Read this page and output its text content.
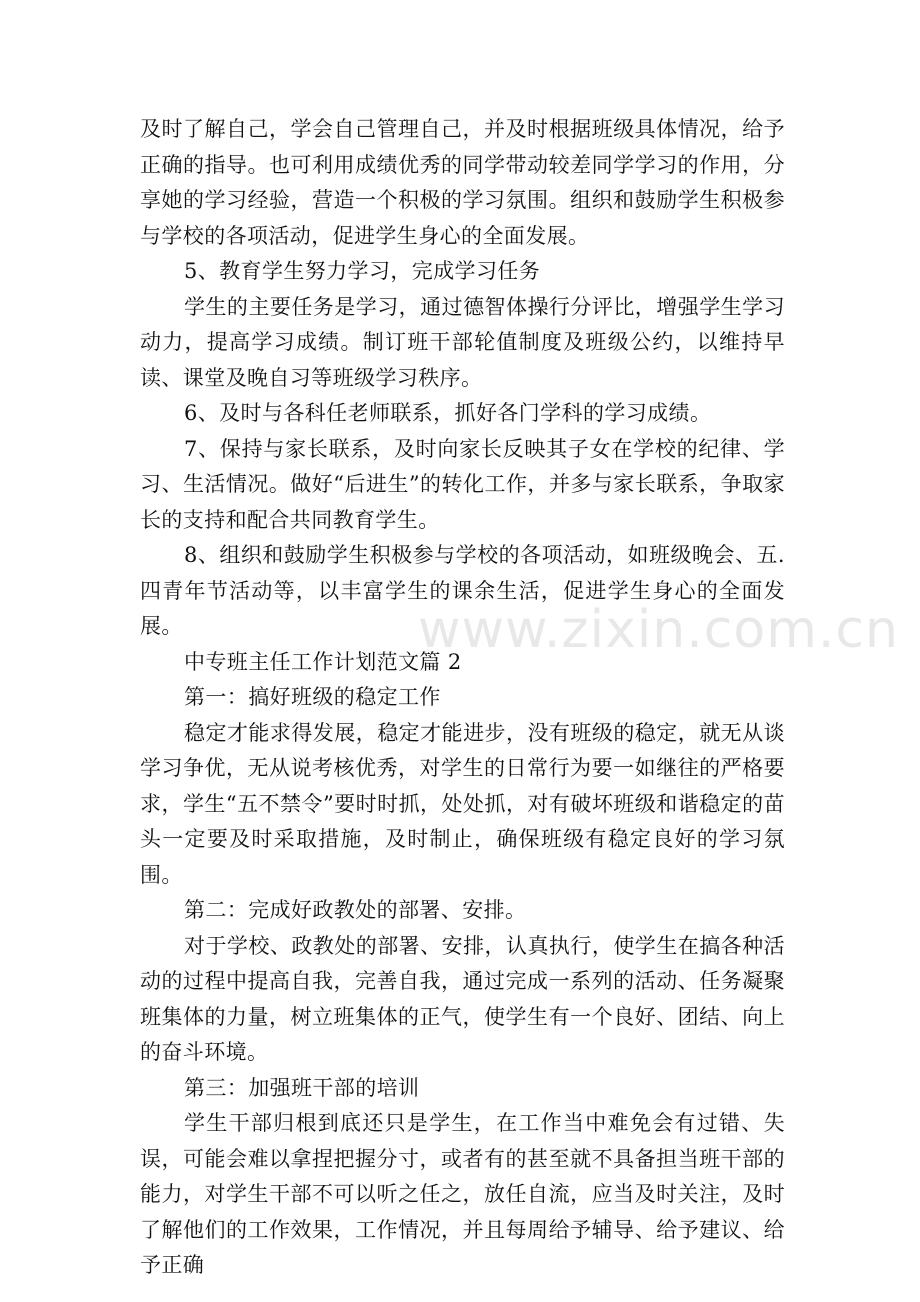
及时了解自己，学会自己管理自己，并及时根据班级具体情况，给予正确的指导。也可利用成绩优秀的同学带动较差同学学习的作用，分享她的学习经验，营造一个积极的学习氛围。组织和鼓励学生积极参与学校的各项活动，促进学生身心的全面发展。

5、教育学生努力学习，完成学习任务

学生的主要任务是学习，通过德智体操行分评比，增强学生学习动力，提高学习成绩。制订班干部轮值制度及班级公约，以维持早读、课堂及晚自习等班级学习秩序。

6、及时与各科任老师联系，抓好各门学科的学习成绩。

7、保持与家长联系，及时向家长反映其子女在学校的纪律、学习、生活情况。做好“后进生”的转化工作，并多与家长联系，争取家长的支持和配合共同教育学生。

8、组织和鼓励学生积极参与学校的各项活动，如班级晚会、五.四青年节活动等，以丰富学生的课余生活，促进学生身心的全面发展。

中专班主任工作计划范文篇 2

第一：搞好班级的稳定工作

稳定才能求得发展，稳定才能进步，没有班级的稳定，就无从谈学习争优，无从说考核优秀，对学生的日常行为要一如继往的严格要求，学生“五不禁令”要时时抓，处处抓，对有破坏班级和谐稳定的苗头一定要及时采取措施，及时制止，确保班级有稳定良好的学习氛围。

第二：完成好政教处的部署、安排。

对于学校、政教处的部署、安排，认真执行，使学生在搞各种活动的过程中提高自我，完善自我，通过完成一系列的活动、任务凝聚班集体的力量，树立班集体的正气，使学生有一个良好、团结、向上的奋斗环境。

第三：加强班干部的培训

学生干部归根到底还只是学生，在工作当中难免会有过错、失误，可能会难以拿捏把握分寸，或者有的甚至就不具备担当班干部的能力，对学生干部不可以听之任之，放任自流，应当及时关注，及时了解他们的工作效果，工作情况，并且每周给予辅导、给予建议、给予正确

www.zixin.com.cn
